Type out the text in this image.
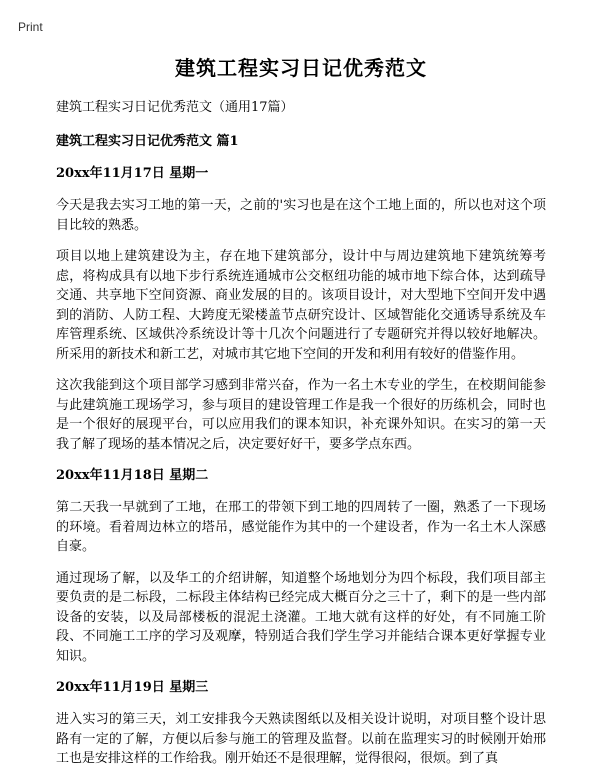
Print
建筑工程实习日记优秀范文

建筑工程实习日记优秀范文（通用17篇）

建筑工程实习日记优秀范文 篇1

20xx年11月17日 星期一

今天是我去实习工地的第一天，之前的'实习也是在这个工地上面的，所以也对这个项目比较的熟悉。

项目以地上建筑建设为主，存在地下建筑部分，设计中与周边建筑地下建筑统筹考虑，将构成具有以地下步行系统连通城市公交枢纽功能的城市地下综合体，达到疏导交通、共享地下空间资源、商业发展的目的。该项目设计，对大型地下空间开发中遇到的消防、人防工程、大跨度无梁楼盖节点研究设计、区域智能化交通诱导系统及车库管理系统、区域供冷系统设计等十几次个问题进行了专题研究并得以较好地解决。所采用的新技术和新工艺，对城市其它地下空间的开发和利用有较好的借鉴作用。

这次我能到这个项目部学习感到非常兴奋，作为一名土木专业的学生，在校期间能参与此建筑施工现场学习，参与项目的建设管理工作是我一个很好的历练机会，同时也是一个很好的展现平台，可以应用我们的课本知识，补充课外知识。在实习的第一天我了解了现场的基本情况之后，决定要好好干，要多学点东西。

20xx年11月18日 星期二

第二天我一早就到了工地，在邢工的带领下到工地的四周转了一圈，熟悉了一下现场的环境。看着周边林立的塔吊，感觉能作为其中的一个建设者，作为一名土木人深感自豪。

通过现场了解，以及华工的介绍讲解，知道整个场地划分为四个标段，我们项目部主要负责的是二标段，二标段主体结构已经完成大概百分之三十了，剩下的是一些内部设备的安装，以及局部楼板的混泥土浇灌。工地大就有这样的好处，有不同施工阶段、不同施工工序的学习及观摩，特别适合我们学生学习并能结合课本更好掌握专业知识。

20xx年11月19日 星期三

进入实习的第三天，刘工安排我今天熟读图纸以及相关设计说明，对项目整个设计思路有一定的了解，方便以后参与施工的管理及监督。以前在监理实习的时候刚开始邢工也是安排这样的工作给我。刚开始还不是很理解，觉得很闷，很烦。到了真
